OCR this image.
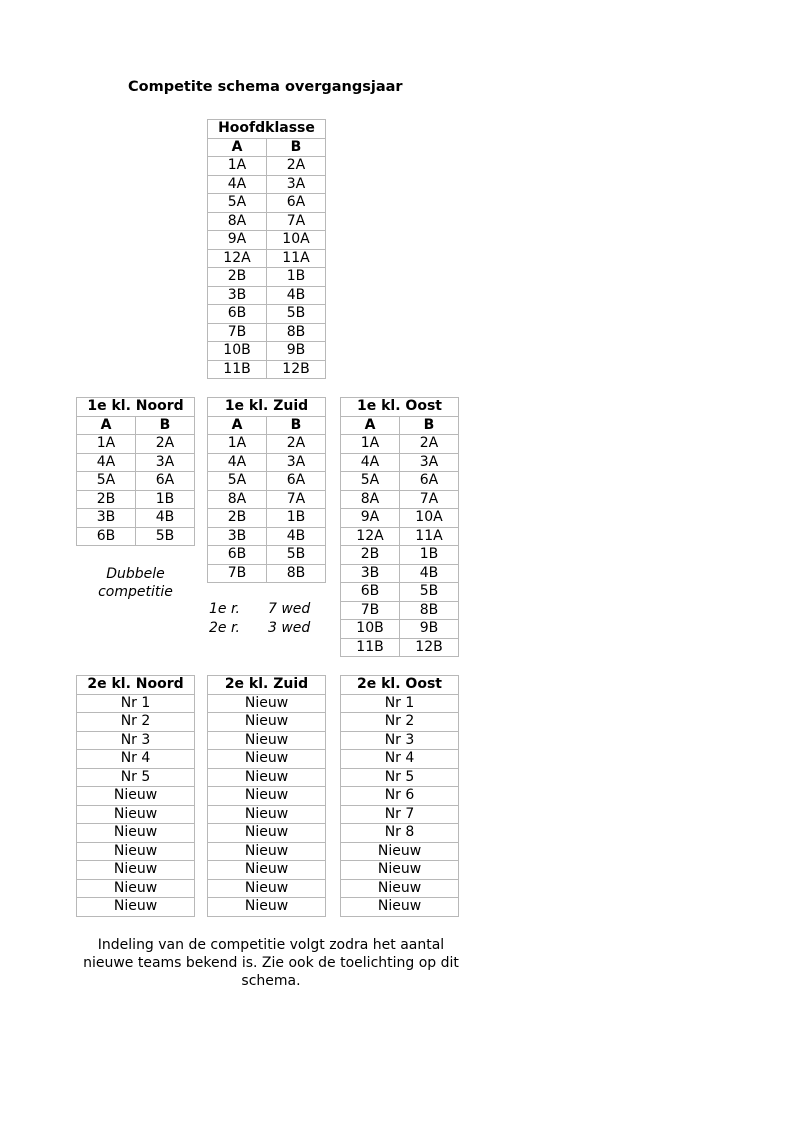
Competite schema overgangsjaar
Hoofdklasse	
A	B
1A	2A
4A	3A
5A	6A
8A	7A
9A	10A
12A	11A
2B	1B
3B	4B
6B	5B
7B	8B
10B	9B
11B	12B
1e kl. Noord	
A	B
1A	2A
4A	3A
5A	6A
2B	1B
3B	4B
6B	5B
1e kl. Zuid	
A	B
1A	2A
4A	3A
5A	6A
8A	7A
2B	1B
3B	4B
6B	5B
7B	8B
1e kl. Oost	
A	B
1A	2A
4A	3A
5A	6A
8A	7A
9A	10A
12A	11A
2B	1B
3B	4B
6B	5B
7B	8B
10B	9B
11B	12B
Dubbele
competitie
1e r. 7 wed
2e r. 3 wed
2e kl. Noord
Nr 1
Nr 2
Nr 3
Nr 4
Nr 5
Nieuw
Nieuw
Nieuw
Nieuw
Nieuw
Nieuw
Nieuw
2e kl. Zuid
Nieuw
Nieuw
Nieuw
Nieuw
Nieuw
Nieuw
Nieuw
Nieuw
Nieuw
Nieuw
Nieuw
Nieuw
2e kl. Oost
Nr 1
Nr 2
Nr 3
Nr 4
Nr 5
Nr 6
Nr 7
Nr 8
Nieuw
Nieuw
Nieuw
Nieuw
Indeling van de competitie volgt zodra het aantal nieuwe teams bekend is. Zie ook de toelichting op dit schema.
